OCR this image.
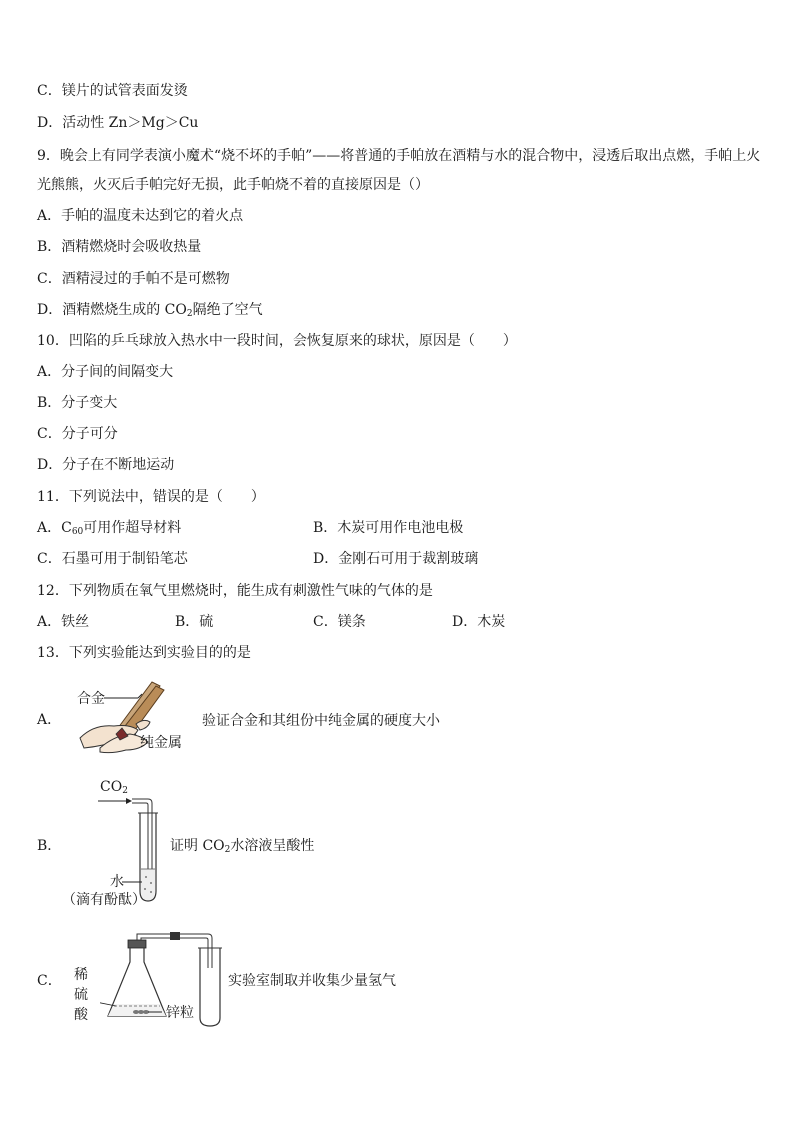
C．镁片的试管表面发烫
D．活动性 Zn＞Mg＞Cu
9．晚会上有同学表演小魔术“烧不坏的手帕”——将普通的手帕放在酒精与水的混合物中，浸透后取出点燃，手帕上火
光熊熊，火灭后手帕完好无损，此手帕烧不着的直接原因是（）
A．手帕的温度未达到它的着火点
B．酒精燃烧时会吸收热量
C．酒精浸过的手帕不是可燃物
D．酒精燃烧生成的 $CO_2$隔绝了空气
10．凹陷的乒乓球放入热水中一段时间，会恢复原来的球状，原因是（　　）
A．分子间的间隔变大
B．分子变大
C．分子可分
D．分子在不断地运动
11．下列说法中，错误的是（　　）
A．$C_{60}$可用作超导材料	B．木炭可用作电池电极
C．石墨可用于制铅笔芯	D．金刚石可用于裁割玻璃
12．下列物质在氧气里燃烧时，能生成有刺激性气味的气体的是
A．铁丝	B．硫	C．镁条	D．木炭
13．下列实验能达到实验目的的是
A．
合金
纯金属
验证合金和其组份中纯金属的硬度大小
B．
$CO_2$
水
（滴有酚酞）
证明 $CO_2$水溶液呈酸性
C． 稀
硫
酸	锌粒
实验室制取并收集少量氢气
